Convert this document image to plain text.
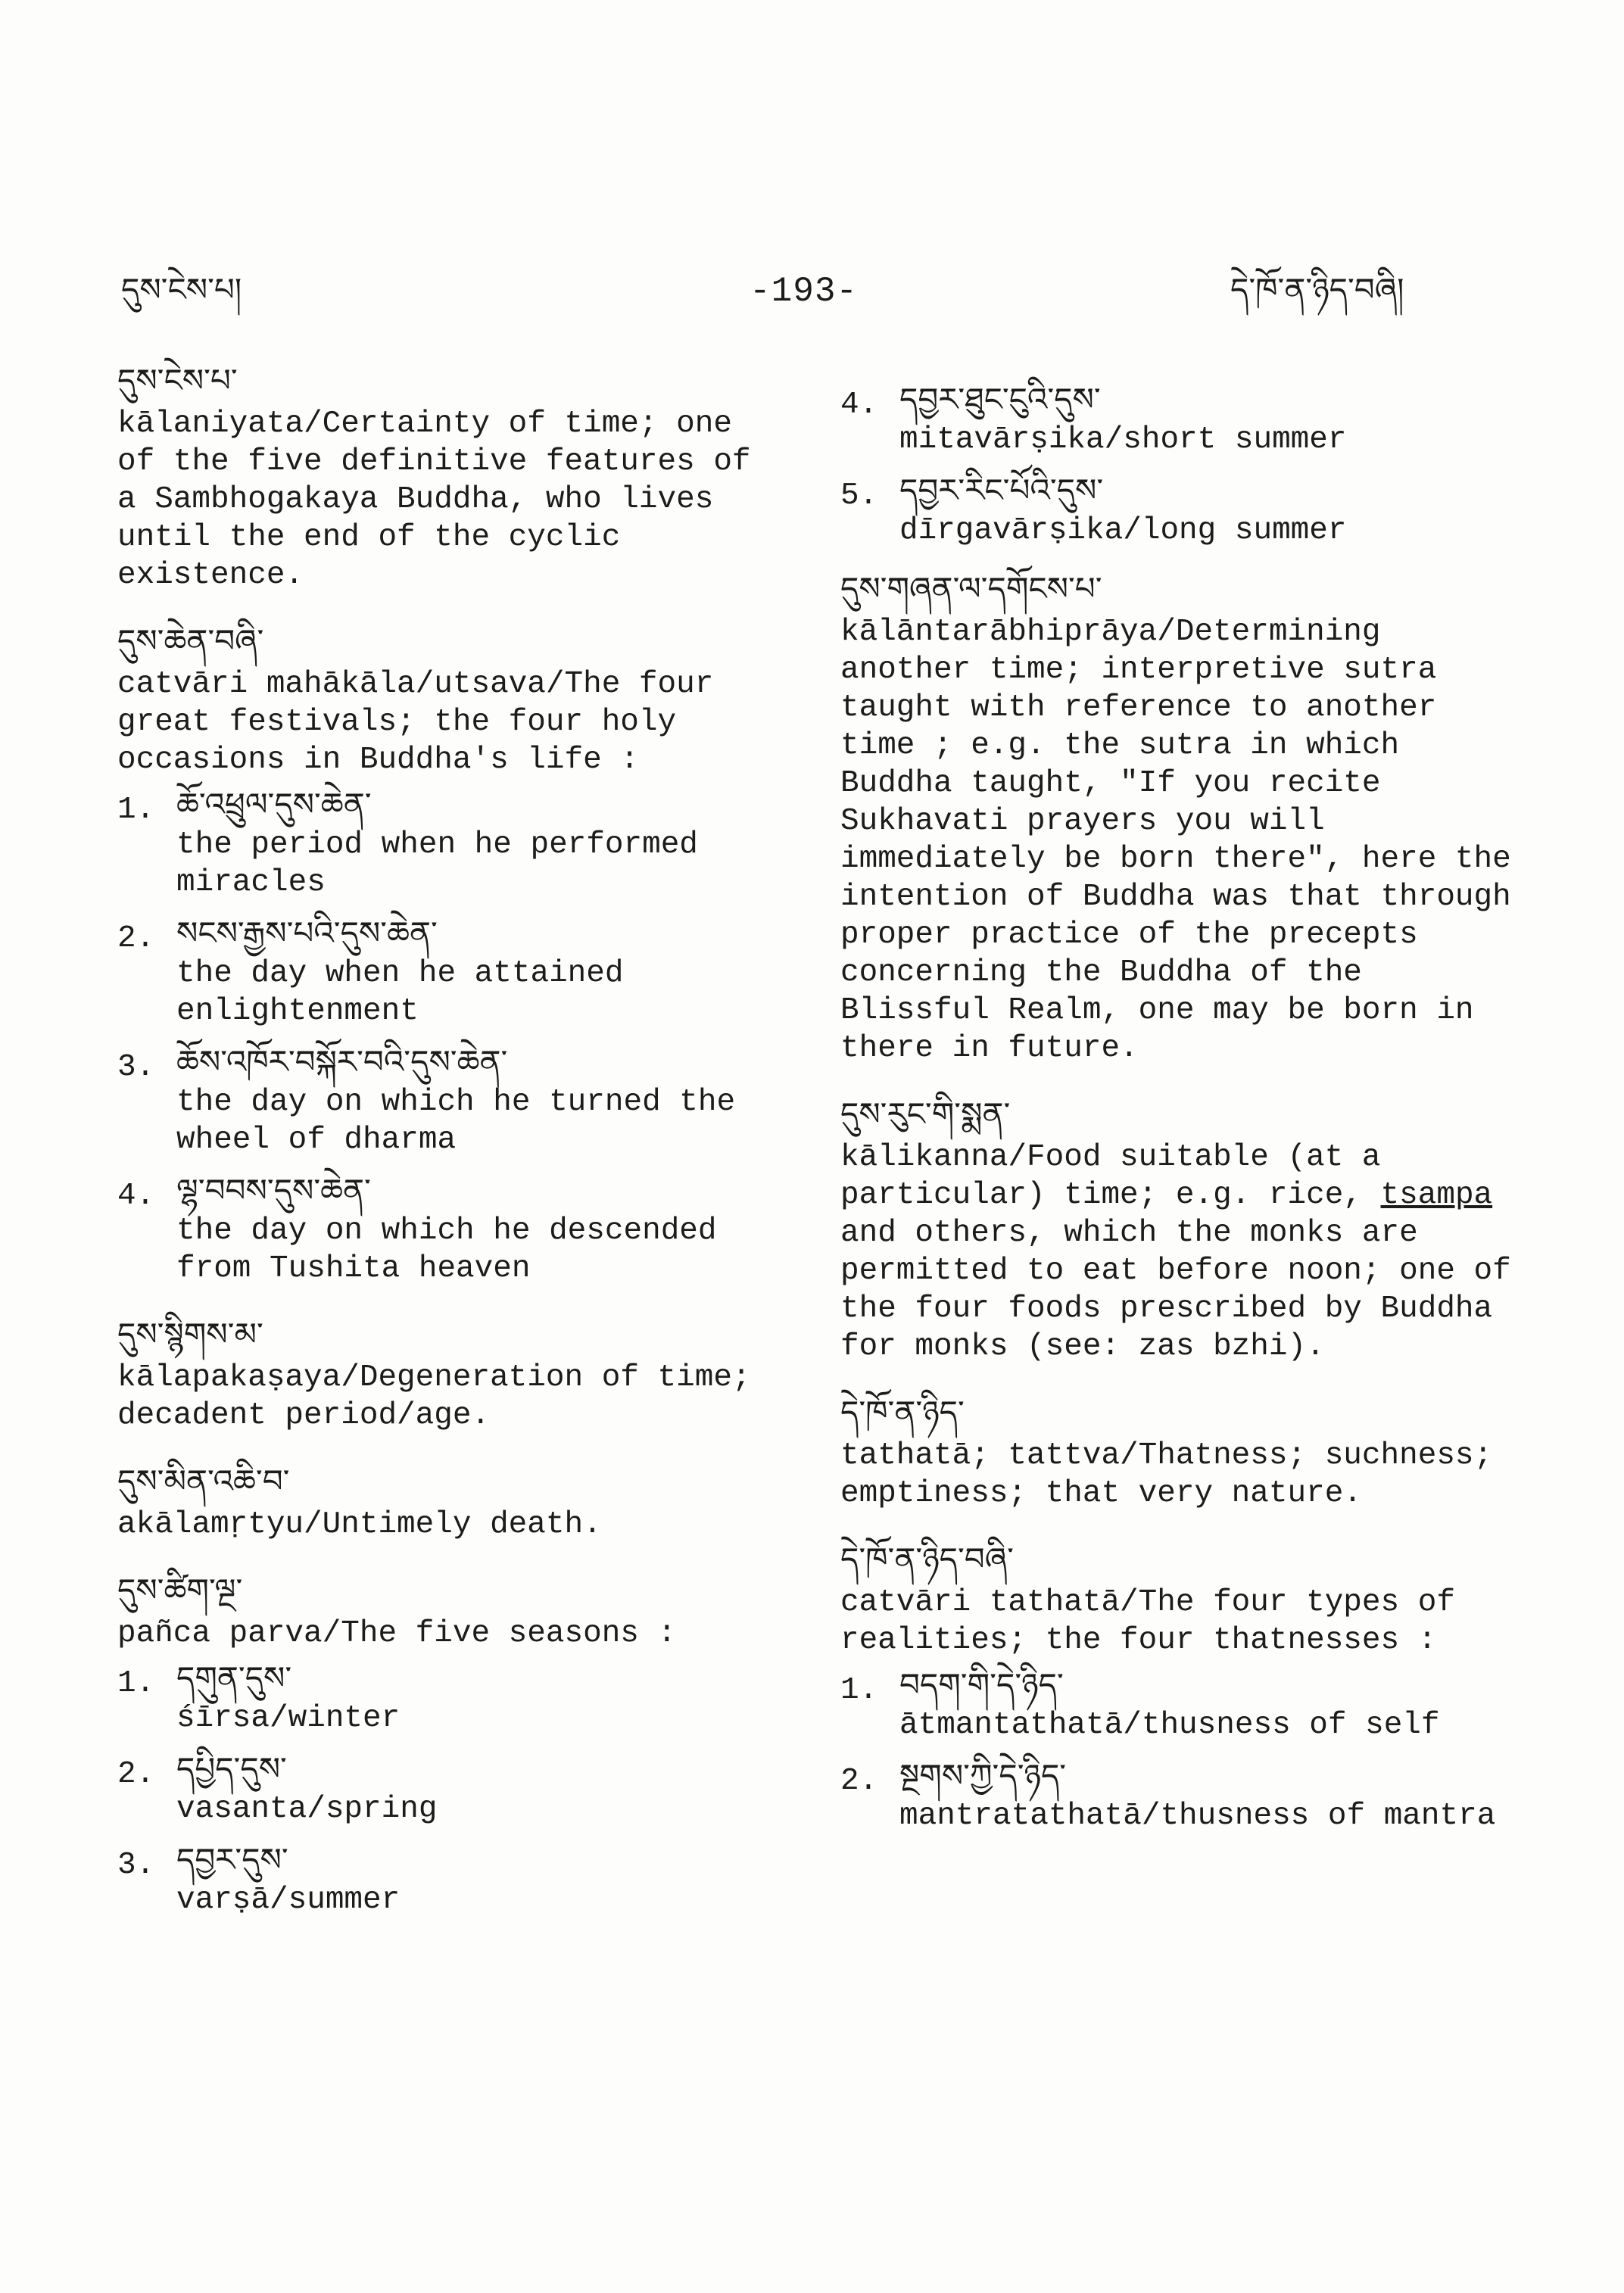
དུས་ངེས་པ།	-193-	དེ་ཁོ་ན་ཉིད་བཞི།
དུས་ངེས་པ་
kālaniyata/Certainty of time; one of the five definitive features of a Sambhogakaya Buddha, who lives until the end of the cyclic existence.
དུས་ཆེན་བཞི་
catvāri mahākāla/utsava/The four great festivals; the four holy occasions in Buddha's life :
1. ཆོ་འཕྲུལ་དུས་ཆེན་
the period when he performed miracles
2. སངས་རྒྱས་པའི་དུས་ཆེན་
the day when he attained enlightenment
3. ཆོས་འཁོར་བསྐོར་བའི་དུས་ཆེན་
the day on which he turned the wheel of dharma
4. ལྷ་བབས་དུས་ཆེན་
the day on which he descended from Tushita heaven
དུས་སྙིགས་མ་
kālapakaṣaya/Degeneration of time; decadent period/age.
དུས་མིན་འཆི་བ་
akālamṛtyu/Untimely death.
དུས་ཚིག་ལྔ་
pañca parva/The five seasons :
1. དགུན་དུས་
śīrsa/winter
2. དཔྱིད་དུས་
vasanta/spring
3. དབྱར་དུས་
varṣā/summer
4. དབྱར་ཐུང་ངུའི་དུས་
mitavārṣika/short summer
5. དབྱར་རིང་པོའི་དུས་
dīrgavārṣika/long summer
དུས་གཞན་ལ་དགོངས་པ་
kālāntarābhiprāya/Determining another time; interpretive sutra taught with reference to another time ; e.g. the sutra in which Buddha taught, "If you recite Sukhavati prayers you will immediately be born there", here the intention of Buddha was that through proper practice of the precepts concerning the Buddha of the Blissful Realm, one may be born in there in future.
དུས་རུང་གི་སྨན་
kālikanna/Food suitable (at a particular) time; e.g. rice, tsampa and others, which the monks are permitted to eat before noon; one of the four foods prescribed by Buddha for monks (see: zas bzhi).
དེ་ཁོ་ན་ཉིད་
tathatā; tattva/Thatness; suchness; emptiness; that very nature.
དེ་ཁོ་ན་ཉིད་བཞི་
catvāri tathatā/The four types of realities; the four thatnesses :
1. བདག་གི་དེ་ཉིད་
ātmantathatā/thusness of self
2. སྔགས་ཀྱི་དེ་ཉིད་
mantratathatā/thusness of mantra
